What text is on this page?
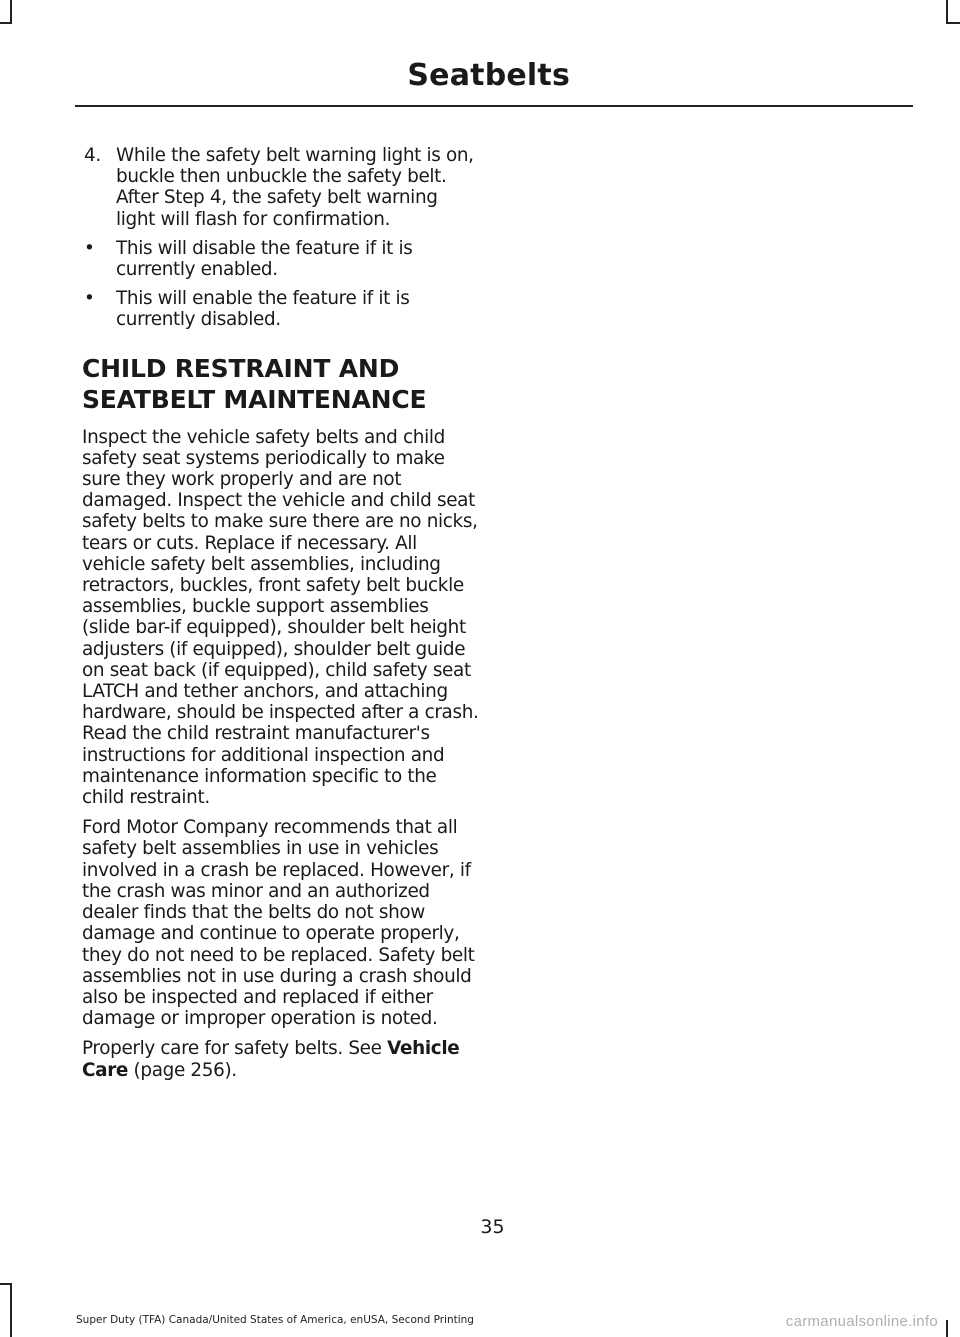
Seatbelts
4. While the safety belt warning light is on, buckle then unbuckle the safety belt. After Step 4, the safety belt warning light will flash for confirmation.
• This will disable the feature if it is currently enabled.
• This will enable the feature if it is currently disabled.
CHILD RESTRAINT AND
SEATBELT MAINTENANCE

Inspect the vehicle safety belts and child safety seat systems periodically to make sure they work properly and are not damaged. Inspect the vehicle and child seat safety belts to make sure there are no nicks, tears or cuts. Replace if necessary. All vehicle safety belt assemblies, including retractors, buckles, front safety belt buckle assemblies, buckle support assemblies (slide bar-if equipped), shoulder belt height adjusters (if equipped), shoulder belt guide on seat back (if equipped), child safety seat LATCH and tether anchors, and attaching hardware, should be inspected after a crash. Read the child restraint manufacturer's instructions for additional inspection and maintenance information specific to the child restraint.

Ford Motor Company recommends that all safety belt assemblies in use in vehicles involved in a crash be replaced. However, if the crash was minor and an authorized dealer finds that the belts do not show damage and continue to operate properly, they do not need to be replaced. Safety belt assemblies not in use during a crash should also be inspected and replaced if either damage or improper operation is noted.

Properly care for safety belts. See Vehicle Care (page 256).

35
Super Duty (TFA) Canada/United States of America, enUSA, Second Printing	carmanualsonline.info
